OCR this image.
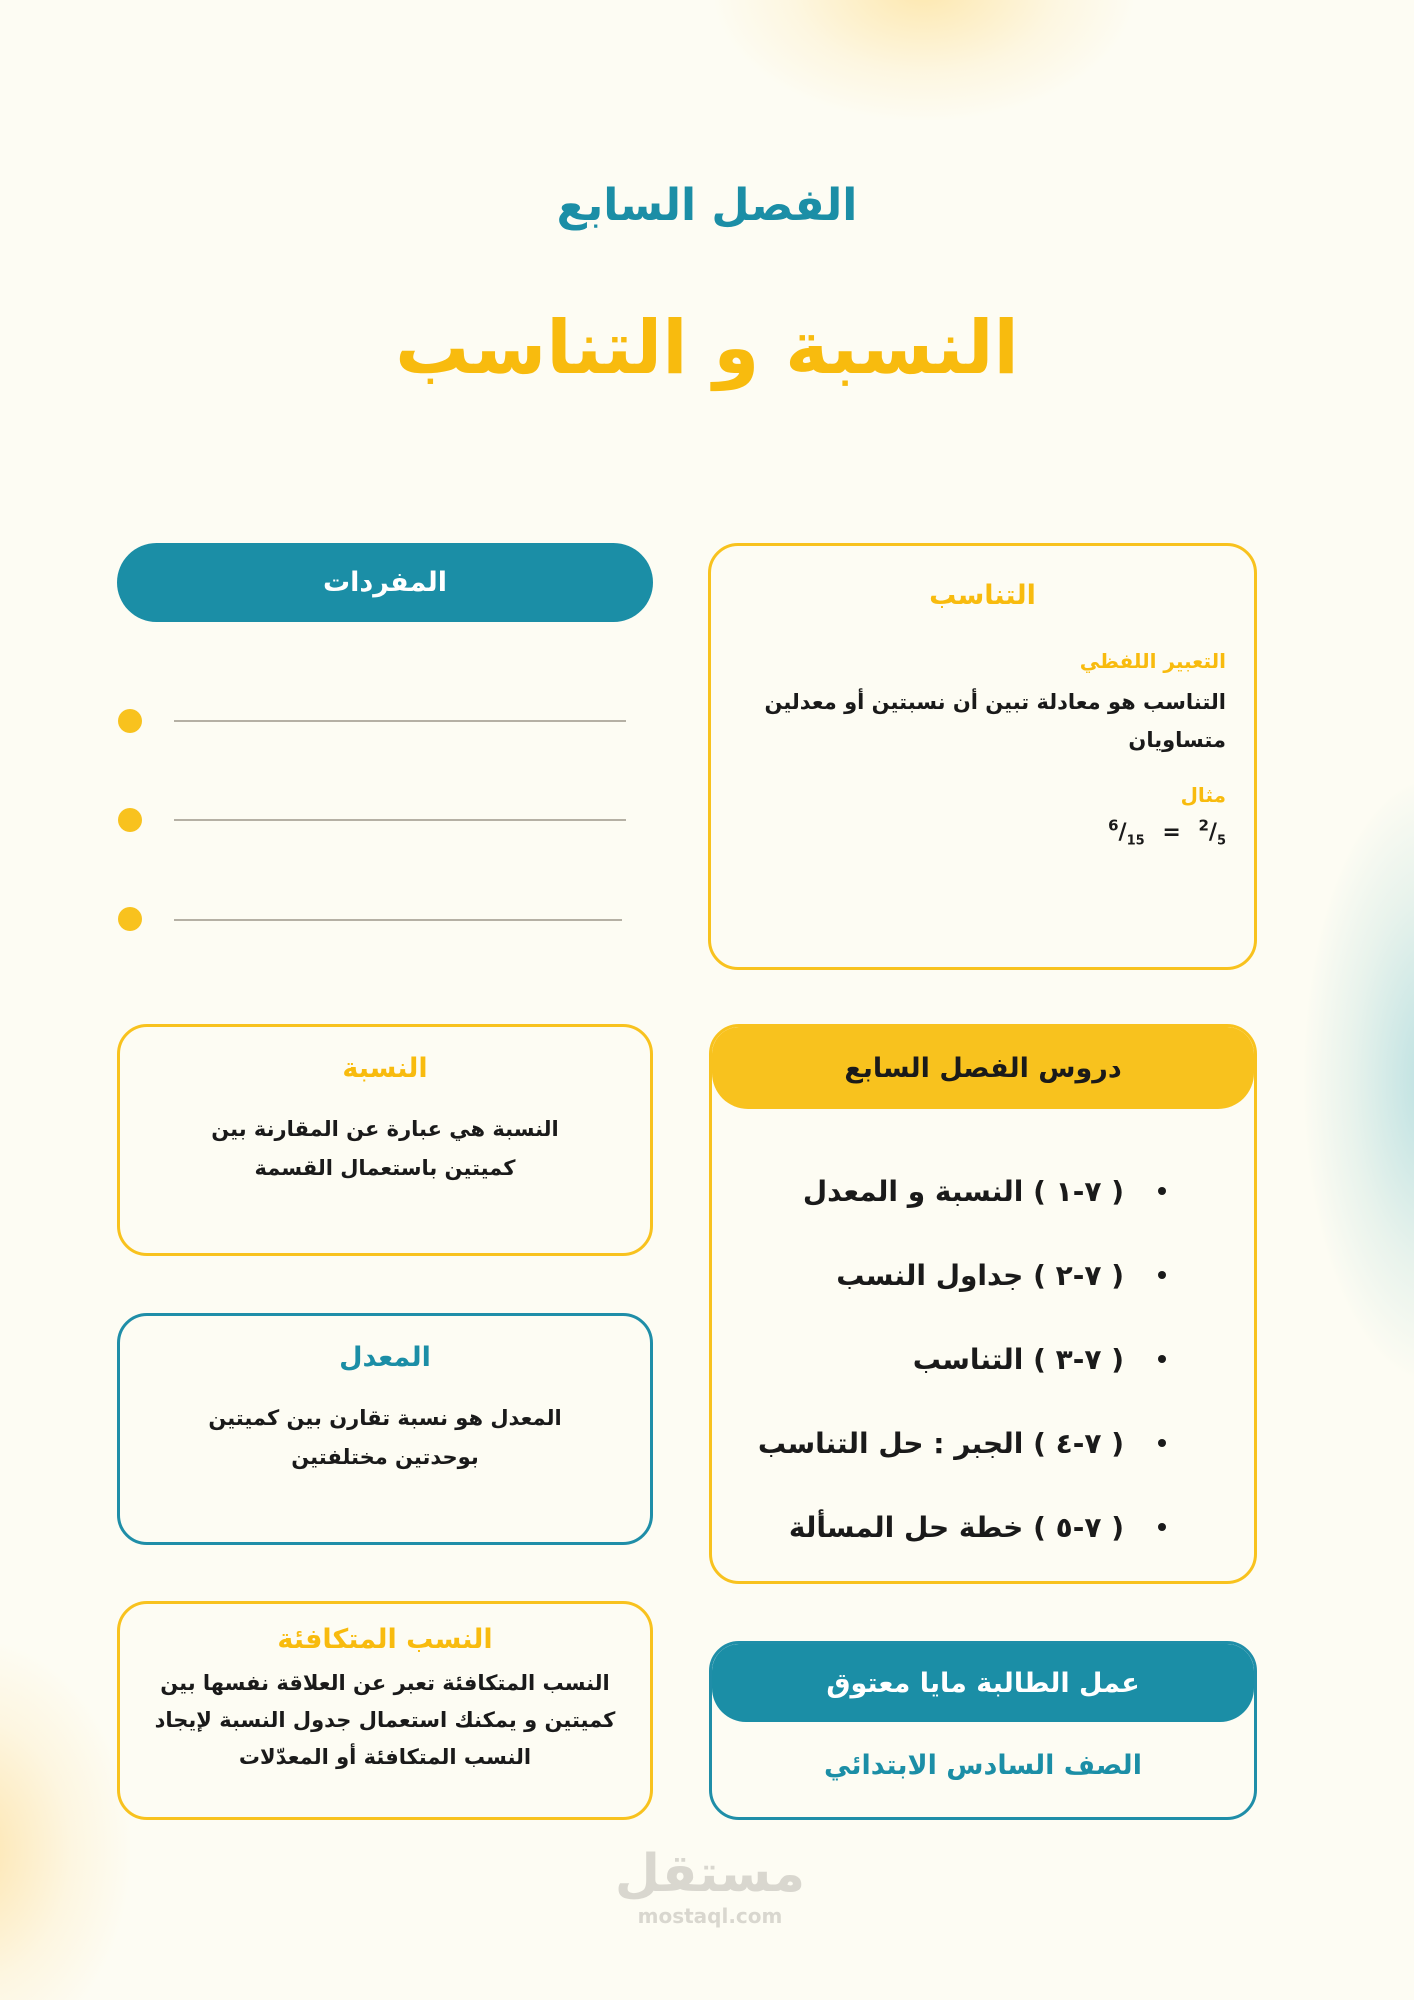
الفصل السابع
النسبة و التناسب
التناسب
التعبير اللفظي
التناسب هو معادلة تبين أن نسبتين أو معدلين متساويان
مثال
$^6/_{15} = ^2/_5$
المفردات
النسبة
النسبة هي عبارة عن المقارنة بين كميتين باستعمال القسمة
المعدل
المعدل هو نسبة تقارن بين كميتين بوحدتين مختلفتين
النسب المتكافئة
النسب المتكافئة تعبر عن العلاقة نفسها بين كميتين و يمكنك استعمال جدول النسبة لإيجاد النسب المتكافئة أو المعدّلات
دروس الفصل السابع
( ٧-١ ) النسبة و المعدل
( ٧-٢ ) جداول النسب
( ٧-٣ ) التناسب
( ٧-٤ ) الجبر : حل التناسب
( ٧-٥ ) خطة حل المسألة
عمل الطالبة مايا معتوق
الصف السادس الابتدائي
مستقل
mostaql.com
